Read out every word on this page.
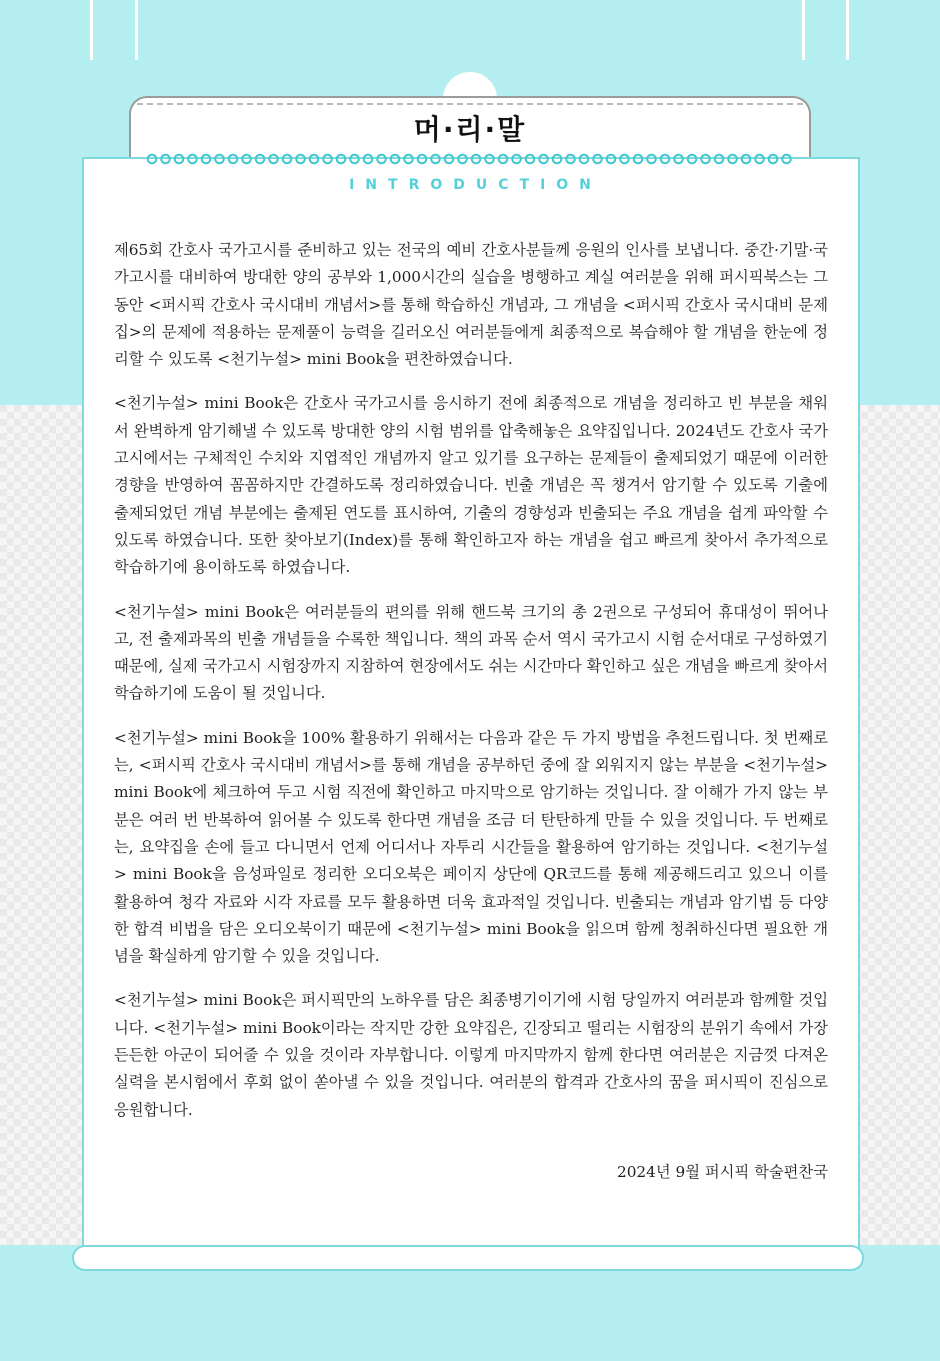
머·리·말
INTRODUCTION

제65회 간호사 국가고시를 준비하고 있는 전국의 예비 간호사분들께 응원의 인사를 보냅니다. 중간·기말·국가고시를 대비하여 방대한 양의 공부와 1,000시간의 실습을 병행하고 계실 여러분을 위해 퍼시픽북스는 그동안 <퍼시픽 간호사 국시대비 개념서>를 통해 학습하신 개념과, 그 개념을 <퍼시픽 간호사 국시대비 문제집>의 문제에 적용하는 문제풀이 능력을 길러오신 여러분들에게 최종적으로 복습해야 할 개념을 한눈에 정리할 수 있도록 <천기누설> mini Book을 편찬하였습니다.

<천기누설> mini Book은 간호사 국가고시를 응시하기 전에 최종적으로 개념을 정리하고 빈 부분을 채워서 완벽하게 암기해낼 수 있도록 방대한 양의 시험 범위를 압축해놓은 요약집입니다. 2024년도 간호사 국가고시에서는 구체적인 수치와 지엽적인 개념까지 알고 있기를 요구하는 문제들이 출제되었기 때문에 이러한 경향을 반영하여 꼼꼼하지만 간결하도록 정리하였습니다. 빈출 개념은 꼭 챙겨서 암기할 수 있도록 기출에 출제되었던 개념 부분에는 출제된 연도를 표시하여, 기출의 경향성과 빈출되는 주요 개념을 쉽게 파악할 수 있도록 하였습니다. 또한 찾아보기(Index)를 통해 확인하고자 하는 개념을 쉽고 빠르게 찾아서 추가적으로 학습하기에 용이하도록 하였습니다.

<천기누설> mini Book은 여러분들의 편의를 위해 핸드북 크기의 총 2권으로 구성되어 휴대성이 뛰어나고, 전 출제과목의 빈출 개념들을 수록한 책입니다. 책의 과목 순서 역시 국가고시 시험 순서대로 구성하였기 때문에, 실제 국가고시 시험장까지 지참하여 현장에서도 쉬는 시간마다 확인하고 싶은 개념을 빠르게 찾아서 학습하기에 도움이 될 것입니다.

<천기누설> mini Book을 100% 활용하기 위해서는 다음과 같은 두 가지 방법을 추천드립니다. 첫 번째로는, <퍼시픽 간호사 국시대비 개념서>를 통해 개념을 공부하던 중에 잘 외워지지 않는 부분을 <천기누설> mini Book에 체크하여 두고 시험 직전에 확인하고 마지막으로 암기하는 것입니다. 잘 이해가 가지 않는 부분은 여러 번 반복하여 읽어볼 수 있도록 한다면 개념을 조금 더 탄탄하게 만들 수 있을 것입니다. 두 번째로는, 요약집을 손에 들고 다니면서 언제 어디서나 자투리 시간들을 활용하여 암기하는 것입니다. <천기누설> mini Book을 음성파일로 정리한 오디오북은 페이지 상단에 QR코드를 통해 제공해드리고 있으니 이를 활용하여 청각 자료와 시각 자료를 모두 활용하면 더욱 효과적일 것입니다. 빈출되는 개념과 암기법 등 다양한 합격 비법을 담은 오디오북이기 때문에 <천기누설> mini Book을 읽으며 함께 청취하신다면 필요한 개념을 확실하게 암기할 수 있을 것입니다.

<천기누설> mini Book은 퍼시픽만의 노하우를 담은 최종병기이기에 시험 당일까지 여러분과 함께할 것입니다. <천기누설> mini Book이라는 작지만 강한 요약집은, 긴장되고 떨리는 시험장의 분위기 속에서 가장 든든한 아군이 되어줄 수 있을 것이라 자부합니다. 이렇게 마지막까지 함께 한다면 여러분은 지금껏 다져온 실력을 본시험에서 후회 없이 쏟아낼 수 있을 것입니다. 여러분의 합격과 간호사의 꿈을 퍼시픽이 진심으로 응원합니다.

2024년 9월 퍼시픽 학술편찬국
